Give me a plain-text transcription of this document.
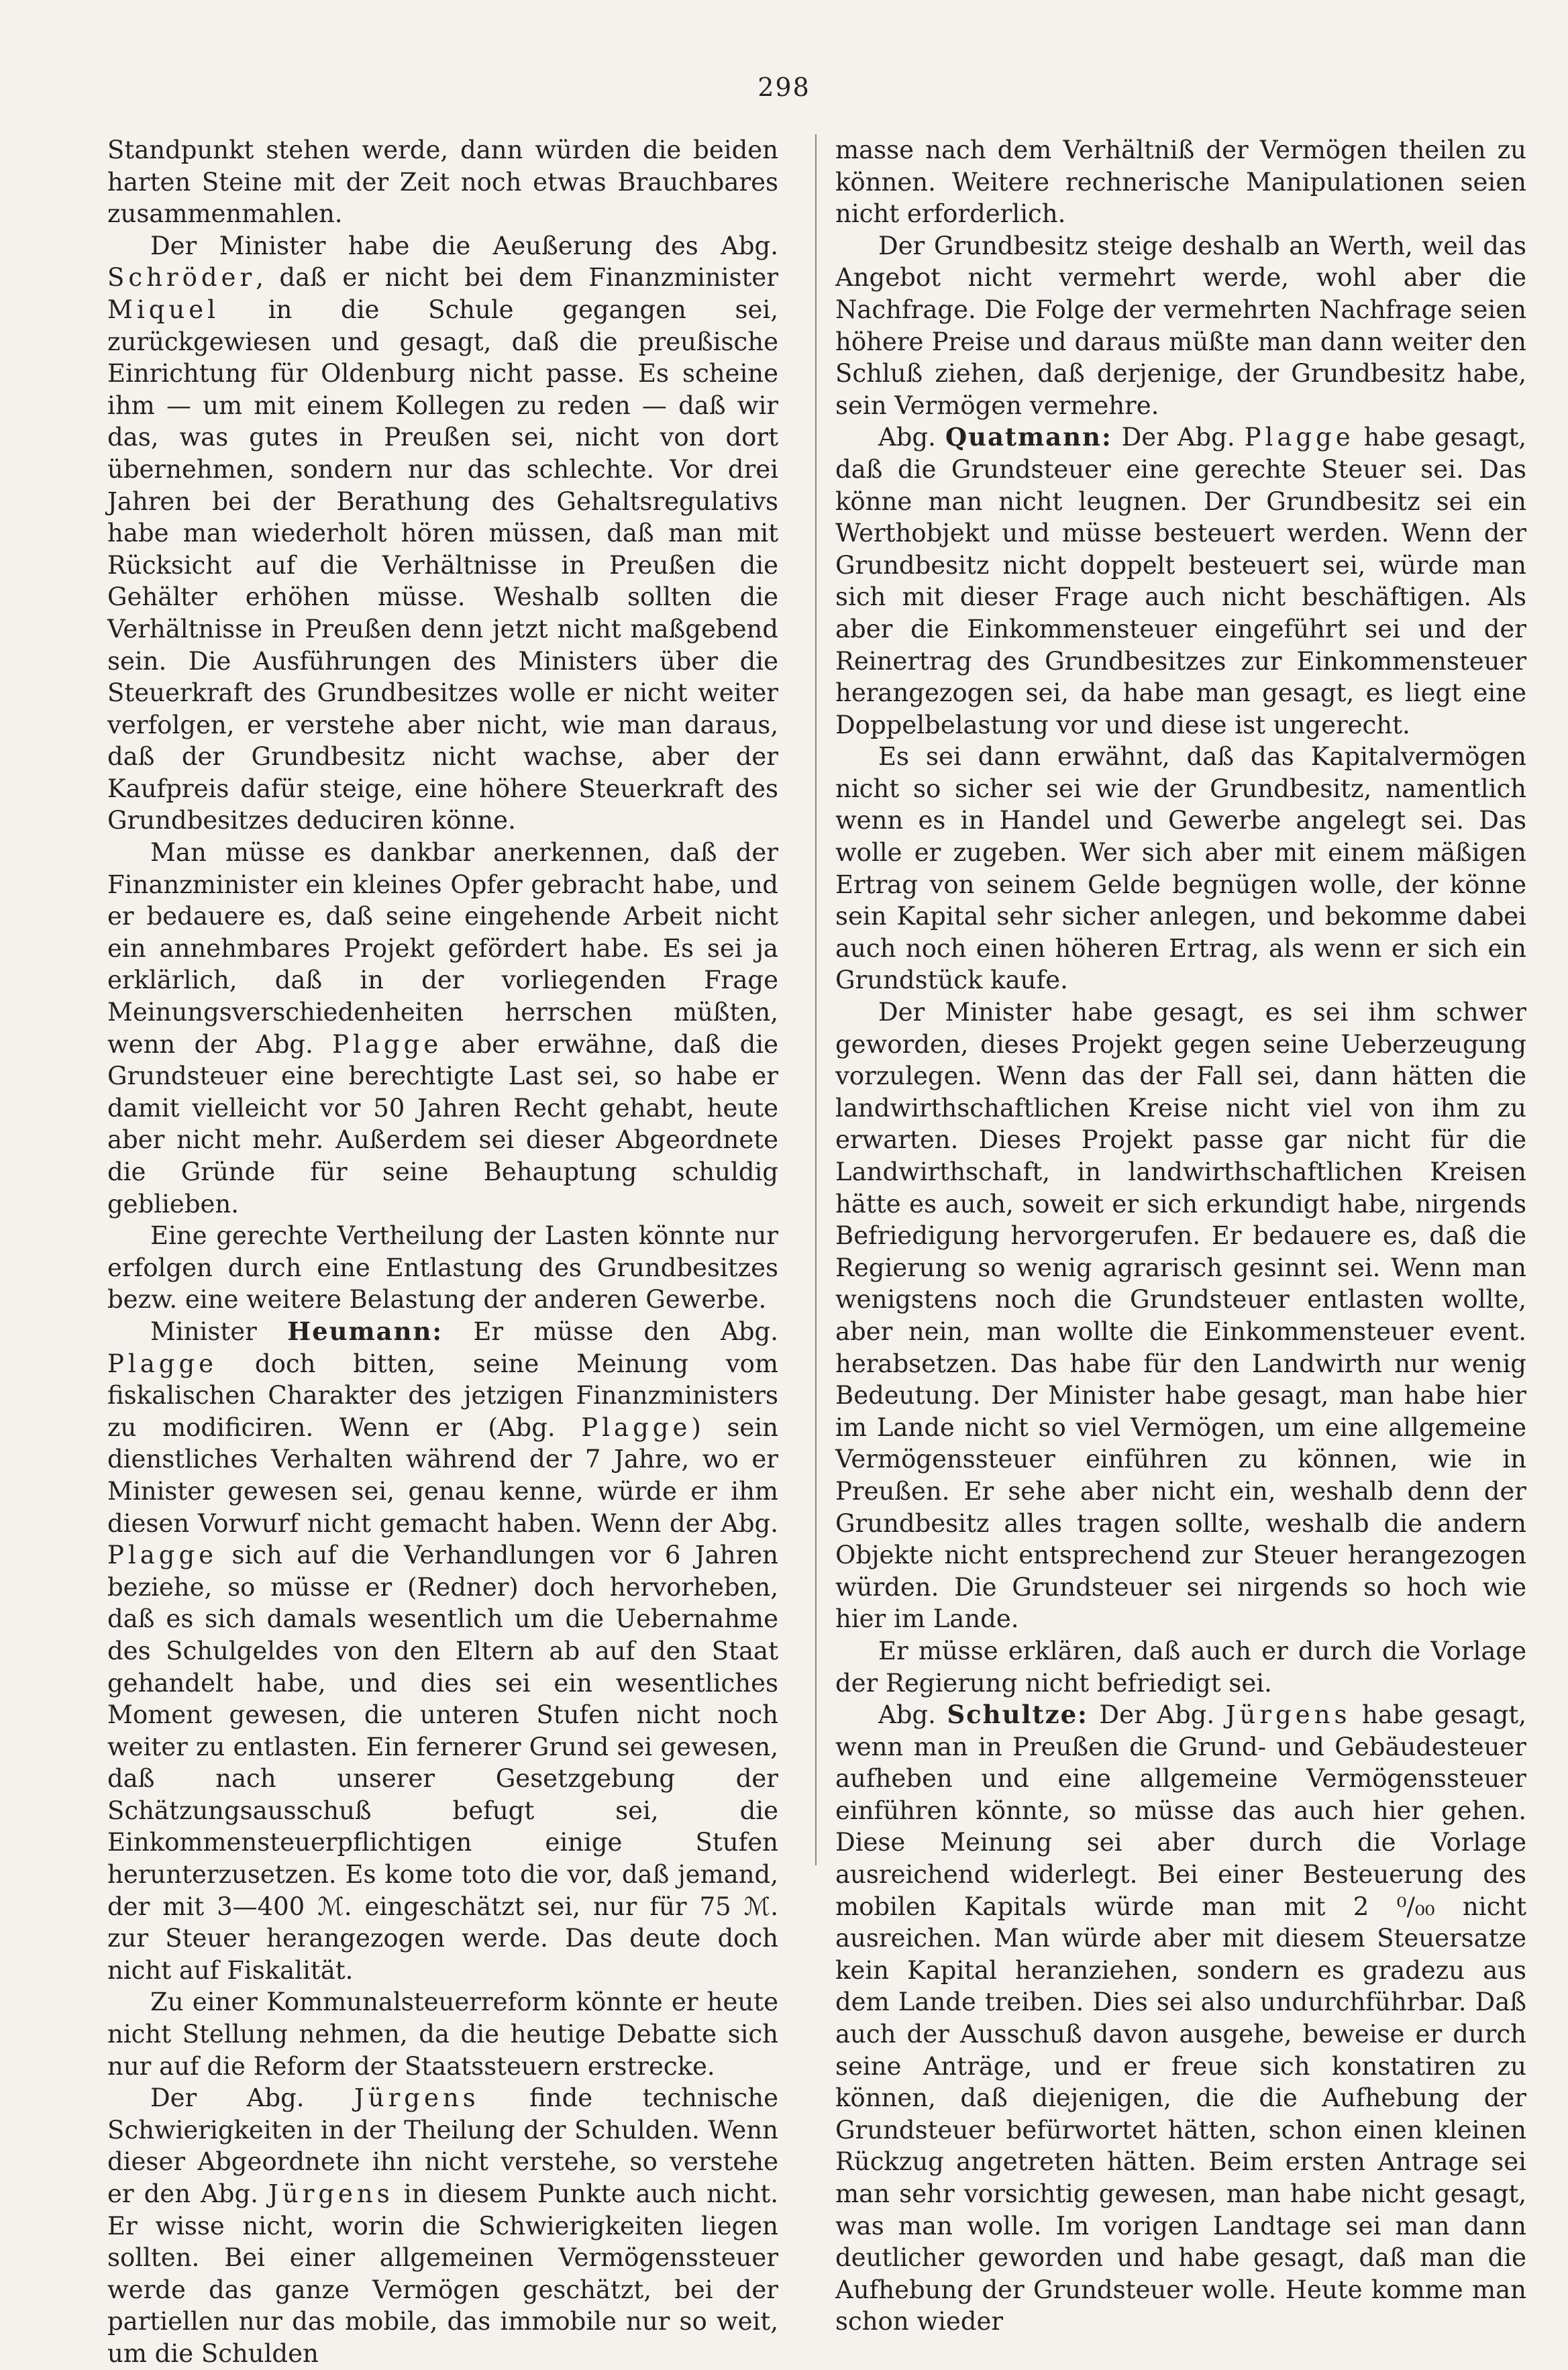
298

Standpunkt stehen werde, dann würden die beiden harten Steine mit der Zeit noch etwas Brauchbares zusammenmahlen.

Der Minister habe die Aeußerung des Abg. Schröder, daß er nicht bei dem Finanzminister Miquel in die Schule gegangen sei, zurückgewiesen und gesagt, daß die preußische Einrichtung für Oldenburg nicht passe. Es scheine ihm — um mit einem Kollegen zu reden — daß wir das, was gutes in Preußen sei, nicht von dort übernehmen, sondern nur das schlechte. Vor drei Jahren bei der Berathung des Gehaltsregulativs habe man wiederholt hören müssen, daß man mit Rücksicht auf die Verhältnisse in Preußen die Gehälter erhöhen müsse. Weshalb sollten die Verhältnisse in Preußen denn jetzt nicht maßgebend sein. Die Ausführungen des Ministers über die Steuerkraft des Grundbesitzes wolle er nicht weiter verfolgen, er verstehe aber nicht, wie man daraus, daß der Grundbesitz nicht wachse, aber der Kaufpreis dafür steige, eine höhere Steuerkraft des Grundbesitzes deduciren könne.

Man müsse es dankbar anerkennen, daß der Finanzminister ein kleines Opfer gebracht habe, und er bedauere es, daß seine eingehende Arbeit nicht ein annehmbares Projekt gefördert habe. Es sei ja erklärlich, daß in der vorliegenden Frage Meinungsverschiedenheiten herrschen müßten, wenn der Abg. Plagge aber erwähne, daß die Grundsteuer eine berechtigte Last sei, so habe er damit vielleicht vor 50 Jahren Recht gehabt, heute aber nicht mehr. Außerdem sei dieser Abgeordnete die Gründe für seine Behauptung schuldig geblieben.

Eine gerechte Vertheilung der Lasten könnte nur erfolgen durch eine Entlastung des Grundbesitzes bezw. eine weitere Belastung der anderen Gewerbe.

Minister Heumann: Er müsse den Abg. Plagge doch bitten, seine Meinung vom fiskalischen Charakter des jetzigen Finanzministers zu modificiren. Wenn er (Abg. Plagge) sein dienstliches Verhalten während der 7 Jahre, wo er Minister gewesen sei, genau kenne, würde er ihm diesen Vorwurf nicht gemacht haben. Wenn der Abg. Plagge sich auf die Verhandlungen vor 6 Jahren beziehe, so müsse er (Redner) doch hervorheben, daß es sich damals wesentlich um die Uebernahme des Schulgeldes von den Eltern ab auf den Staat gehandelt habe, und dies sei ein wesentliches Moment gewesen, die unteren Stufen nicht noch weiter zu entlasten. Ein fernerer Grund sei gewesen, daß nach unserer Gesetzgebung der Schätzungsausschuß befugt sei, die Einkommensteuerpflichtigen einige Stufen herunterzusetzen. Es kome toto die vor, daß jemand, der mit 3—400 ℳ. eingeschätzt sei, nur für 75 ℳ. zur Steuer herangezogen werde. Das deute doch nicht auf Fiskalität.

Zu einer Kommunalsteuerreform könnte er heute nicht Stellung nehmen, da die heutige Debatte sich nur auf die Reform der Staatssteuern erstrecke.

Der Abg. Jürgens finde technische Schwierigkeiten in der Theilung der Schulden. Wenn dieser Abgeordnete ihn nicht verstehe, so verstehe er den Abg. Jürgens in diesem Punkte auch nicht. Er wisse nicht, worin die Schwierigkeiten liegen sollten. Bei einer allgemeinen Vermögenssteuer werde das ganze Vermögen geschätzt, bei der partiellen nur das mobile, das immobile nur so weit, um die Schulden

masse nach dem Verhältniß der Vermögen theilen zu können. Weitere rechnerische Manipulationen seien nicht erforderlich.

Der Grundbesitz steige deshalb an Werth, weil das Angebot nicht vermehrt werde, wohl aber die Nachfrage. Die Folge der vermehrten Nachfrage seien höhere Preise und daraus müßte man dann weiter den Schluß ziehen, daß derjenige, der Grundbesitz habe, sein Vermögen vermehre.

Abg. Quatmann: Der Abg. Plagge habe gesagt, daß die Grundsteuer eine gerechte Steuer sei. Das könne man nicht leugnen. Der Grundbesitz sei ein Werthobjekt und müsse besteuert werden. Wenn der Grundbesitz nicht doppelt besteuert sei, würde man sich mit dieser Frage auch nicht beschäftigen. Als aber die Einkommensteuer eingeführt sei und der Reinertrag des Grundbesitzes zur Einkommensteuer herangezogen sei, da habe man gesagt, es liegt eine Doppelbelastung vor und diese ist ungerecht.

Es sei dann erwähnt, daß das Kapitalvermögen nicht so sicher sei wie der Grundbesitz, namentlich wenn es in Handel und Gewerbe angelegt sei. Das wolle er zugeben. Wer sich aber mit einem mäßigen Ertrag von seinem Gelde begnügen wolle, der könne sein Kapital sehr sicher anlegen, und bekomme dabei auch noch einen höheren Ertrag, als wenn er sich ein Grundstück kaufe.

Der Minister habe gesagt, es sei ihm schwer geworden, dieses Projekt gegen seine Ueberzeugung vorzulegen. Wenn das der Fall sei, dann hätten die landwirthschaftlichen Kreise nicht viel von ihm zu erwarten. Dieses Projekt passe gar nicht für die Landwirthschaft, in landwirthschaftlichen Kreisen hätte es auch, soweit er sich erkundigt habe, nirgends Befriedigung hervorgerufen. Er bedauere es, daß die Regierung so wenig agrarisch gesinnt sei. Wenn man wenigstens noch die Grundsteuer entlasten wollte, aber nein, man wollte die Einkommensteuer event. herabsetzen. Das habe für den Landwirth nur wenig Bedeutung. Der Minister habe gesagt, man habe hier im Lande nicht so viel Vermögen, um eine allgemeine Vermögenssteuer einführen zu können, wie in Preußen. Er sehe aber nicht ein, weshalb denn der Grundbesitz alles tragen sollte, weshalb die andern Objekte nicht entsprechend zur Steuer herangezogen würden. Die Grundsteuer sei nirgends so hoch wie hier im Lande.

Er müsse erklären, daß auch er durch die Vorlage der Regierung nicht befriedigt sei.

Abg. Schultze: Der Abg. Jürgens habe gesagt, wenn man in Preußen die Grund- und Gebäudesteuer aufheben und eine allgemeine Vermögenssteuer einführen könnte, so müsse das auch hier gehen. Diese Meinung sei aber durch die Vorlage ausreichend widerlegt. Bei einer Besteuerung des mobilen Kapitals würde man mit 2 ⁰/₀₀ nicht ausreichen. Man würde aber mit diesem Steuersatze kein Kapital heranziehen, sondern es gradezu aus dem Lande treiben. Dies sei also undurchführbar. Daß auch der Ausschuß davon ausgehe, beweise er durch seine Anträge, und er freue sich konstatiren zu können, daß diejenigen, die die Aufhebung der Grundsteuer befürwortet hätten, schon einen kleinen Rückzug angetreten hätten. Beim ersten Antrage sei man sehr vorsichtig gewesen, man habe nicht gesagt, was man wolle. Im vorigen Landtage sei man dann deutlicher geworden und habe gesagt, daß man die Aufhebung der Grundsteuer wolle. Heute komme man schon wieder
